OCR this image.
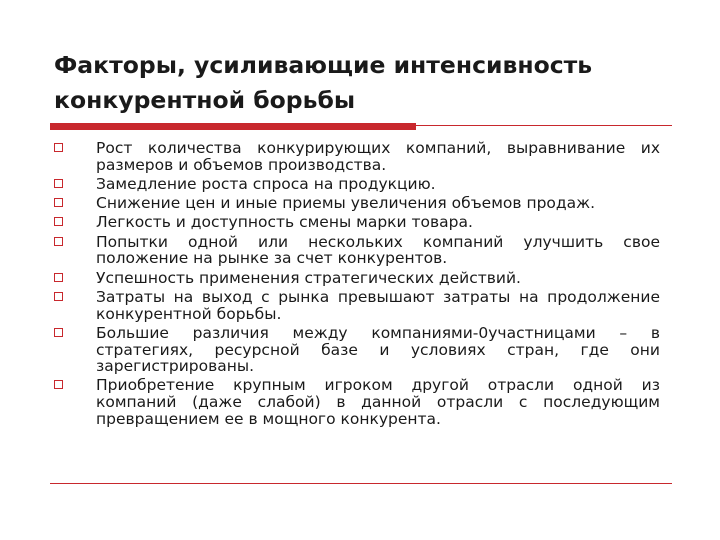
Факторы, усиливающие интенсивность конкурентной борьбы
Рост количества конкурирующих компаний, выравнивание их размеров и объемов производства.
Замедление роста спроса на продукцию.
Снижение цен и иные приемы увеличения объемов продаж.
Легкость и доступность смены марки товара.
Попытки одной или нескольких компаний улучшить свое положение на рынке за счет конкурентов.
Успешность применения стратегических действий.
Затраты на выход с рынка превышают затраты на продолжение конкурентной борьбы.
Большие различия между компаниями-0участницами – в стратегиях, ресурсной базе и условиях стран, где они зарегистрированы.
Приобретение крупным игроком другой отрасли одной из компаний (даже слабой) в данной отрасли с последующим превращением ее в мощного конкурента.
